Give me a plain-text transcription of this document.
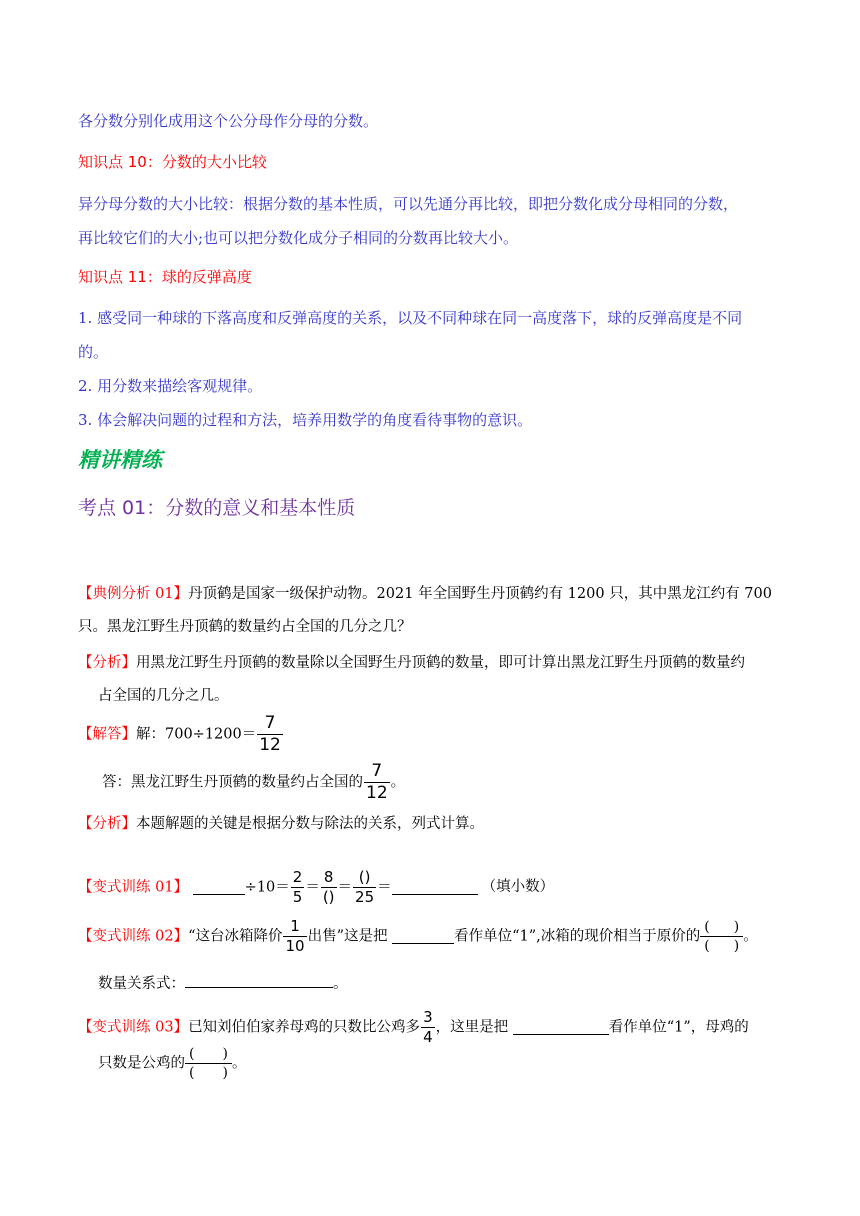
各分数分别化成用这个公分母作分母的分数。
知识点 10：分数的大小比较
异分母分数的大小比较：根据分数的基本性质，可以先通分再比较，即把分数化成分母相同的分数，
再比较它们的大小;也可以把分数化成分子相同的分数再比较大小。
知识点 11：球的反弹高度
1. 感受同一种球的下落高度和反弹高度的关系，以及不同种球在同一高度落下，球的反弹高度是不同
的。
2. 用分数来描绘客观规律。
3. 体会解决问题的过程和方法，培养用数学的角度看待事物的意识。
精讲精练
考点 01：分数的意义和基本性质
【典例分析 01】丹顶鹤是国家一级保护动物。2021 年全国野生丹顶鹤约有 1200 只，其中黑龙江约有 700
只。黑龙江野生丹顶鹤的数量约占全国的几分之几？
【分析】用黑龙江野生丹顶鹤的数量除以全国野生丹顶鹤的数量，即可计算出黑龙江野生丹顶鹤的数量约
占全国的几分之几。
【解答】解：$700\div 1200= \frac{7}{12}$
答：黑龙江野生丹顶鹤的数量约占全国的 $\frac{7}{12}$ 。
【分析】本题解题的关键是根据分数与除法的关系，列式计算。
【变式训练 01】	$\div 10= \frac{2}{5} = \frac{8}{()} = \frac{()}{25}$ ＝	（填小数）
【变式训练 02】“这台冰箱降价 $\frac{1}{10}$ 出售”这是把	看作单位“1”,冰箱的现价相当于原价的 $\frac{( )}{( )}$ 。
数量关系式：	。
【变式训练 03】已知刘伯伯家养母鸡的只数比公鸡多 $\frac{3}{4}$ ，这里是把	看作单位“1”，母鸡的
只数是公鸡的 $\frac{( )}{( )}$ 。
